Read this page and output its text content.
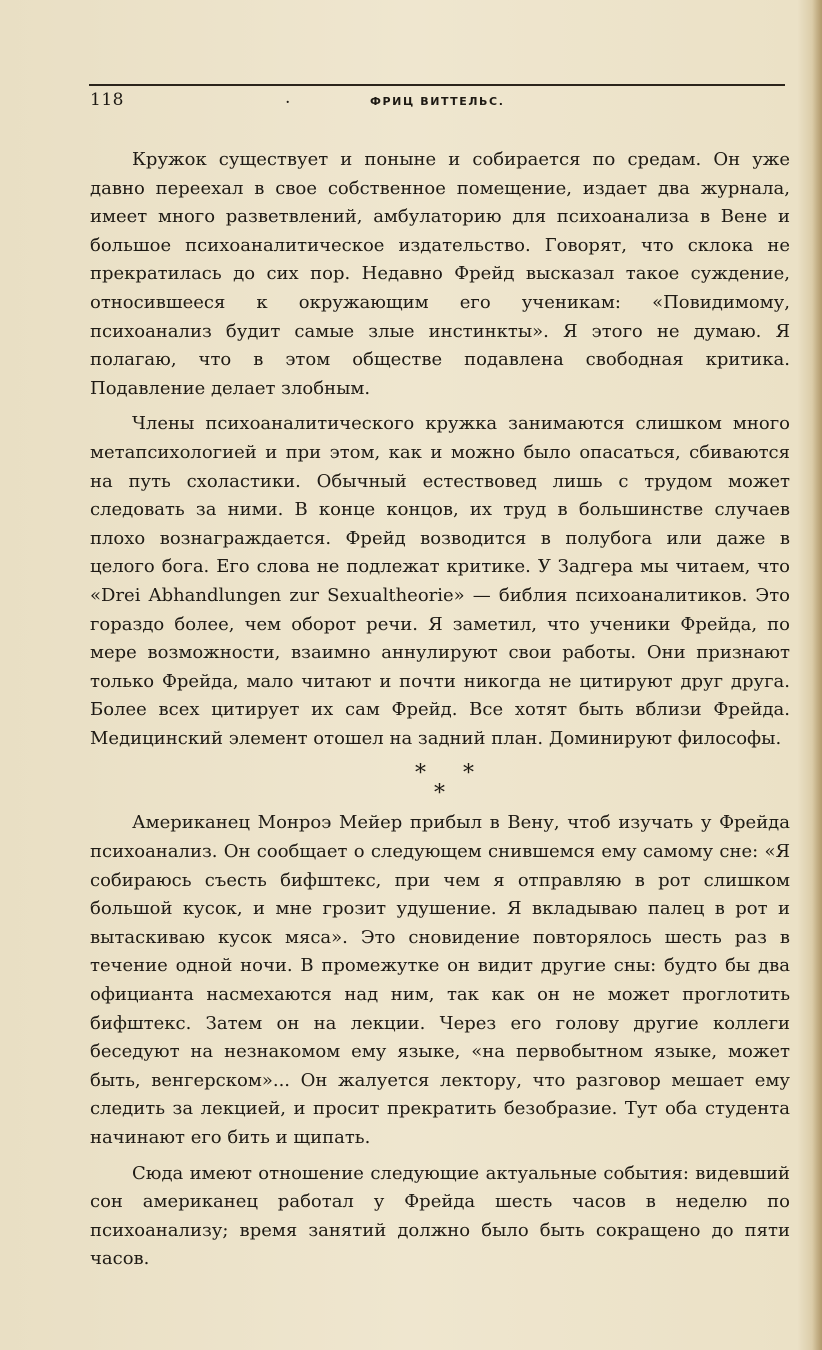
118	.	ФРИЦ ВИТТЕЛЬС.

Кружок существует и поныне и собирается по средам. Он уже давно переехал в свое собственное помещение, издает два журнала, имеет много разветвлений, амбулаторию для психоанализа в Вене и большое психоаналитическое издательство. Говорят, что склока не прекратилась до сих пор. Недавно Фрейд высказал такое суждение, относившееся к окружающим его ученикам: «Повидимому, психоанализ будит самые злые инстинкты». Я этого не думаю. Я полагаю, что в этом обществе подавлена свободная критика. Подавление делает злобным.

Члены психоаналитического кружка занимаются слишком много метапсихологией и при этом, как и можно было опасаться, сбиваются на путь схоластики. Обычный естествовед лишь с трудом может следовать за ними. В конце концов, их труд в большинстве случаев плохо вознаграждается. Фрейд возводится в полубога или даже в целого бога. Его слова не подлежат критике. У Задгера мы читаем, что «Drei Abhandlungen zur Sexualtheorie» — библия психоаналитиков. Это гораздо более, чем оборот речи. Я заметил, что ученики Фрейда, по мере возможности, взаимно аннулируют свои работы. Они признают только Фрейда, мало читают и почти никогда не цитируют друг друга. Более всех цитирует их сам Фрейд. Все хотят быть вблизи Фрейда. Медицинский элемент отошел на задний план. Доминируют философы.

* *
*

Американец Монроэ Мейер прибыл в Вену, чтоб изучать у Фрейда психоанализ. Он сообщает о следующем снившемся ему самому сне: «Я собираюсь съесть бифштекс, при чем я отправляю в рот слишком большой кусок, и мне грозит удушение. Я вкладываю палец в рот и вытаскиваю кусок мяса». Это сновидение повторялось шесть раз в течение одной ночи. В промежутке он видит другие сны: будто бы два официанта насмехаются над ним, так как он не может проглотить бифштекс. Затем он на лекции. Через его голову другие коллеги беседуют на незнакомом ему языке, «на первобытном языке, может быть, венгерском»... Он жалуется лектору, что разговор мешает ему следить за лекцией, и просит прекратить безобразие. Тут оба студента начинают его бить и щипать.

Сюда имеют отношение следующие актуальные события: видевший сон американец работал у Фрейда шесть часов в неделю по психоанализу; время занятий должно было быть сокращено до пяти часов.
